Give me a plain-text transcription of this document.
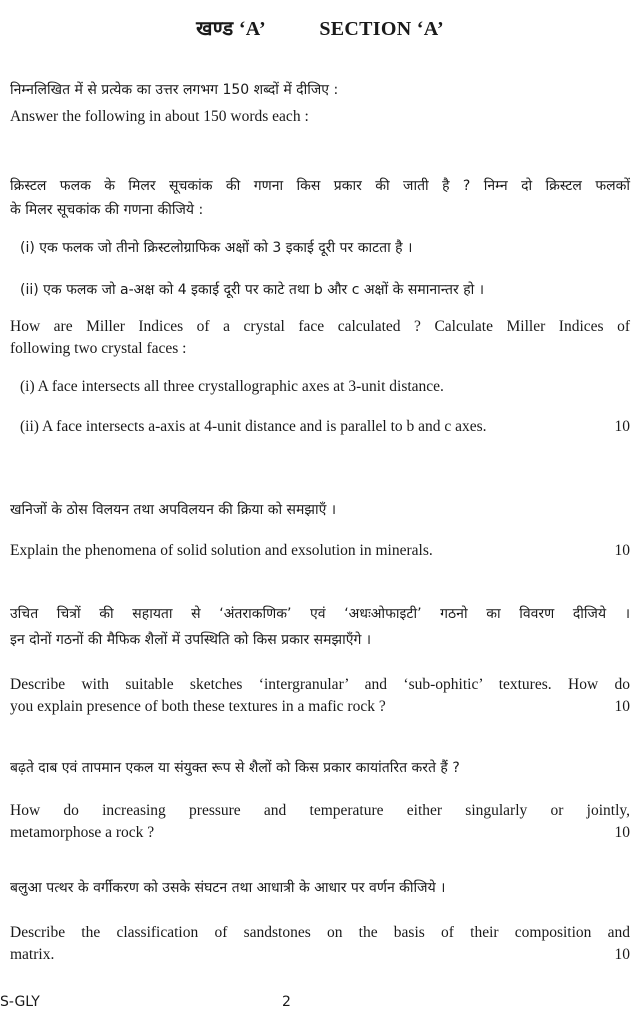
खण्ड ‘A’	SECTION ‘A’
निम्नलिखित में से प्रत्येक का उत्तर लगभग 150 शब्दों में दीजिए :
Answer the following in about 150 words each :
क्रिस्टल फलक के मिलर सूचकांक की गणना किस प्रकार की जाती है ? निम्न दो क्रिस्टल फलकों
के मिलर सूचकांक की गणना कीजिये :
(i) एक फलक जो तीनो क्रिस्टलोग्राफिक अक्षों को 3 इकाई दूरी पर काटता है ।
(ii) एक फलक जो a-अक्ष को 4 इकाई दूरी पर काटे तथा b और c अक्षों के समानान्तर हो ।
How are Miller Indices of a crystal face calculated ? Calculate Miller Indices of
following two crystal faces :
(i) A face intersects all three crystallographic axes at 3-unit distance.
(ii) A face intersects a-axis at 4-unit distance and is parallel to b and c axes.	10
खनिजों के ठोस विलयन तथा अपविलयन की क्रिया को समझाएँ ।
Explain the phenomena of solid solution and exsolution in minerals.	10
उचित चित्रों की सहायता से ‘अंतराकणिक’ एवं ‘अधःओफाइटी’ गठनो का विवरण दीजिये ।
इन दोनों गठनों की मैफिक शैलों में उपस्थिति को किस प्रकार समझाएँगे ।
Describe with suitable sketches ‘intergranular’ and ‘sub-ophitic’ textures. How do
you explain presence of both these textures in a mafic rock ?	10
बढ़ते दाब एवं तापमान एकल या संयुक्त रूप से शैलों को किस प्रकार कायांतरित करते हैं ?
How do increasing pressure and temperature either singularly or jointly,
metamorphose a rock ?	10
बलुआ पत्थर के वर्गीकरण को उसके संघटन तथा आधात्री के आधार पर वर्णन कीजिये ।
Describe the classification of sandstones on the basis of their composition and
matrix.	10
S-GLY	2
